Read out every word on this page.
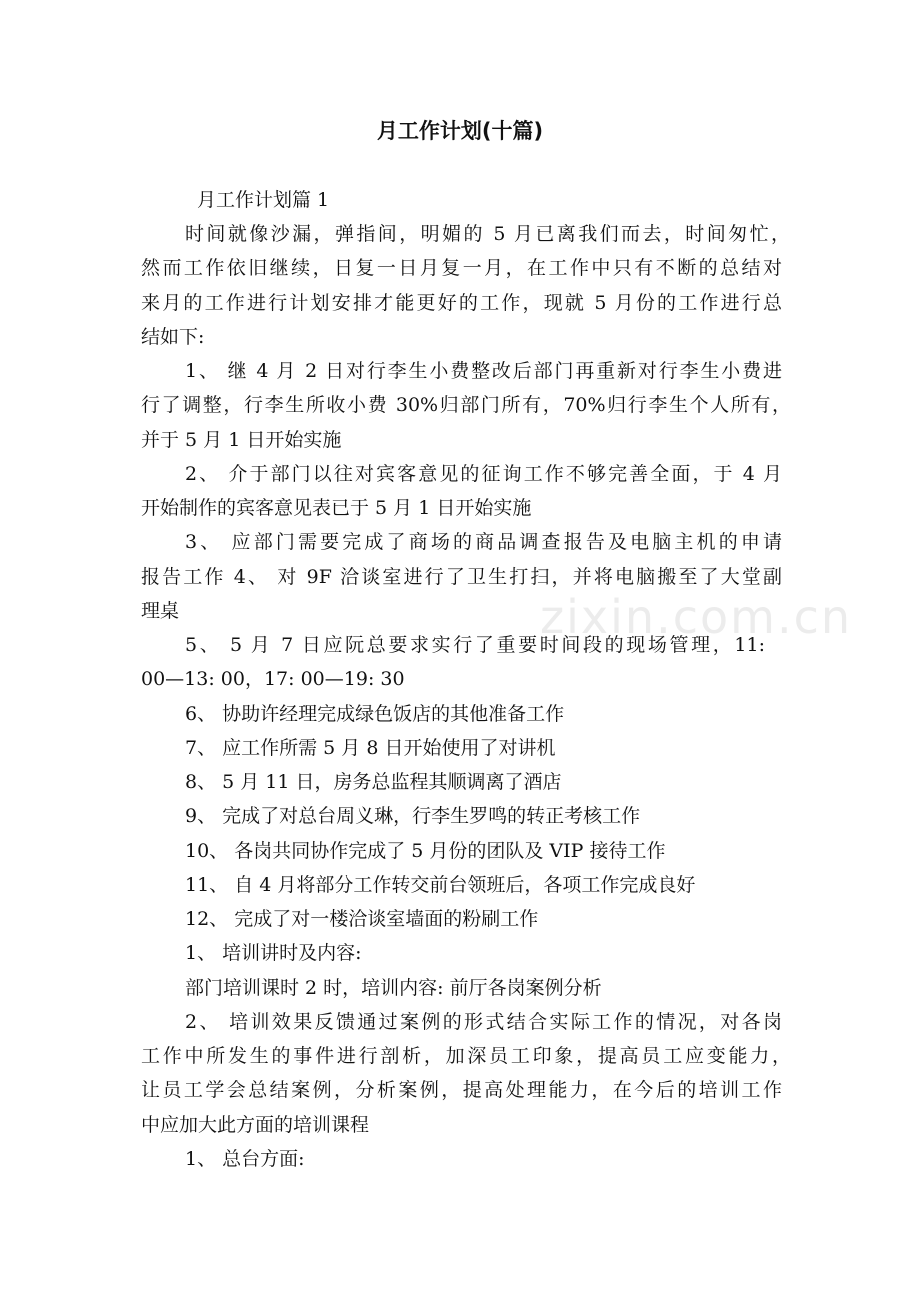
zixin.com.cn
月工作计划(十篇)
月工作计划篇 1
时间就像沙漏，弹指间，明媚的 5 月已离我们而去，时间匆忙，
然而工作依旧继续，日复一日月复一月，在工作中只有不断的总结对
来月的工作进行计划安排才能更好的工作，现就 5 月份的工作进行总
结如下:
1、 继 4 月 2 日对行李生小费整改后部门再重新对行李生小费进
行了调整，行李生所收小费 30%归部门所有，70%归行李生个人所有，
并于 5 月 1 日开始实施
2、 介于部门以往对宾客意见的征询工作不够完善全面，于 4 月
开始制作的宾客意见表已于 5 月 1 日开始实施
3、 应部门需要完成了商场的商品调查报告及电脑主机的申请
报告工作 4、 对 9F 洽谈室进行了卫生打扫，并将电脑搬至了大堂副
理桌
5、 5 月 7 日应阮总要求实行了重要时间段的现场管理，11:
00—13: 00，17: 00—19: 30
6、 协助许经理完成绿色饭店的其他准备工作
7、 应工作所需 5 月 8 日开始使用了对讲机
8、 5 月 11 日，房务总监程其顺调离了酒店
9、 完成了对总台周义琳，行李生罗鸣的转正考核工作
10、 各岗共同协作完成了 5 月份的团队及 VIP 接待工作
11、 自 4 月将部分工作转交前台领班后，各项工作完成良好
12、 完成了对一楼洽谈室墙面的粉刷工作
1、 培训讲时及内容:
部门培训课时 2 时，培训内容: 前厅各岗案例分析
2、 培训效果反馈通过案例的形式结合实际工作的情况，对各岗
工作中所发生的事件进行剖析，加深员工印象，提高员工应变能力，
让员工学会总结案例，分析案例，提高处理能力，在今后的培训工作
中应加大此方面的培训课程
1、 总台方面:
